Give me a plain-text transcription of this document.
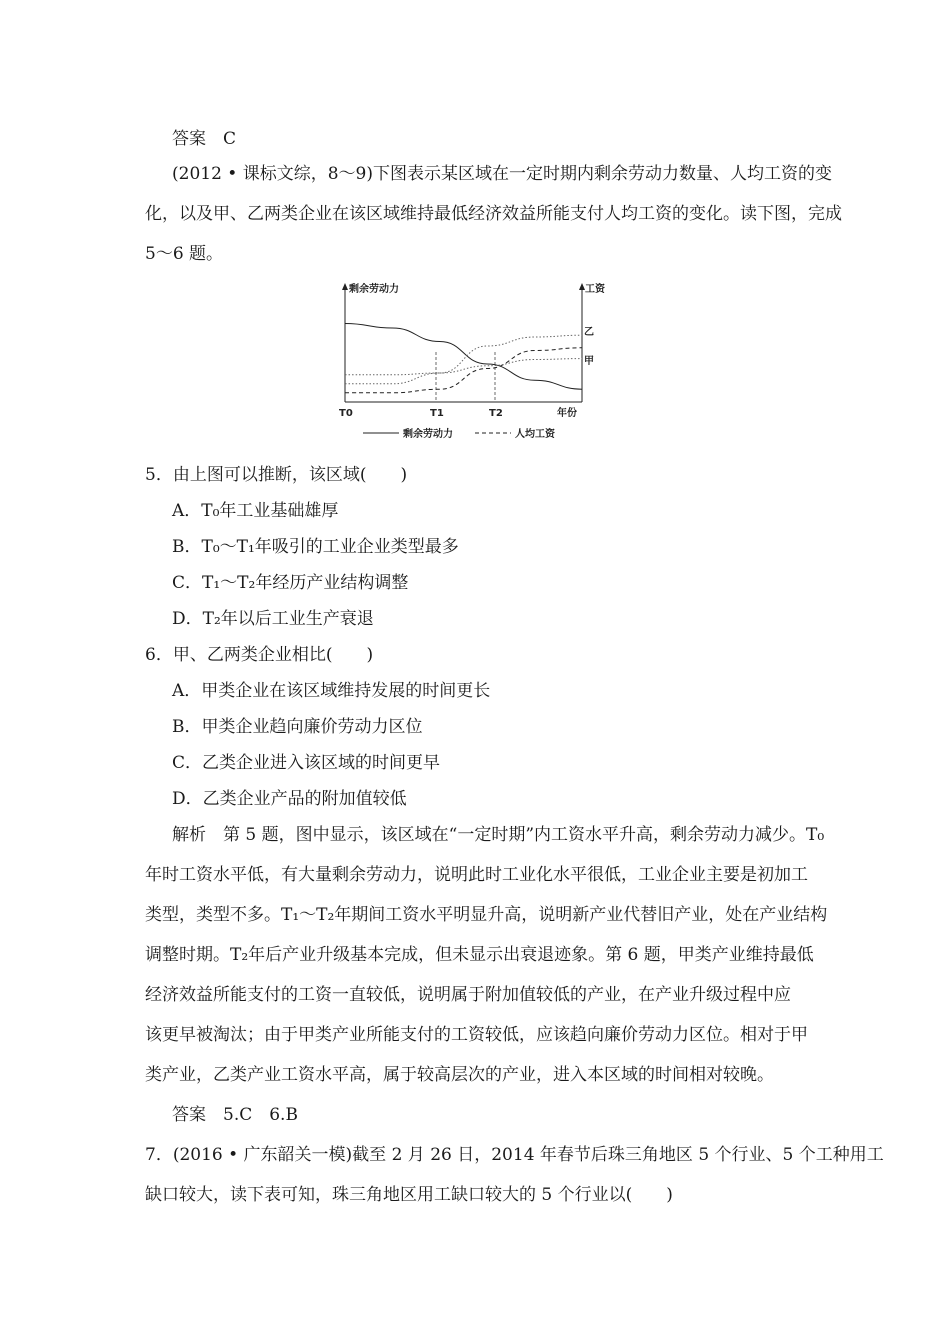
答案　C
(2012 • 课标文综，8～9)下图表示某区域在一定时期内剩余劳动力数量、人均工资的变
化，以及甲、乙两类企业在该区域维持最低经济效益所能支付人均工资的变化。读下图，完成
5～6 题。
剩余劳动力	工资
乙
甲
T0	T1	T2	年份
剩余劳动力	人均工资
5．由上图可以推断，该区域(　　)
A．T₀年工业基础雄厚
B．T₀～T₁年吸引的工业企业类型最多
C．T₁～T₂年经历产业结构调整
D．T₂年以后工业生产衰退
6．甲、乙两类企业相比(　　)
A．甲类企业在该区域维持发展的时间更长
B．甲类企业趋向廉价劳动力区位
C．乙类企业进入该区域的时间更早
D．乙类企业产品的附加值较低
解析　第 5 题，图中显示，该区域在“一定时期”内工资水平升高，剩余劳动力减少。T₀
年时工资水平低，有大量剩余劳动力，说明此时工业化水平很低，工业企业主要是初加工
类型，类型不多。T₁～T₂年期间工资水平明显升高，说明新产业代替旧产业，处在产业结构
调整时期。T₂年后产业升级基本完成，但未显示出衰退迹象。第 6 题，甲类产业维持最低
经济效益所能支付的工资一直较低，说明属于附加值较低的产业，在产业升级过程中应
该更早被淘汰；由于甲类产业所能支付的工资较低，应该趋向廉价劳动力区位。相对于甲
类产业，乙类产业工资水平高，属于较高层次的产业，进入本区域的时间相对较晚。
答案　5.C　6.B
7．(2016 • 广东韶关一模)截至 2 月 26 日，2014 年春节后珠三角地区 5 个行业、5 个工种用工
缺口较大，读下表可知，珠三角地区用工缺口较大的 5 个行业以(　　)
